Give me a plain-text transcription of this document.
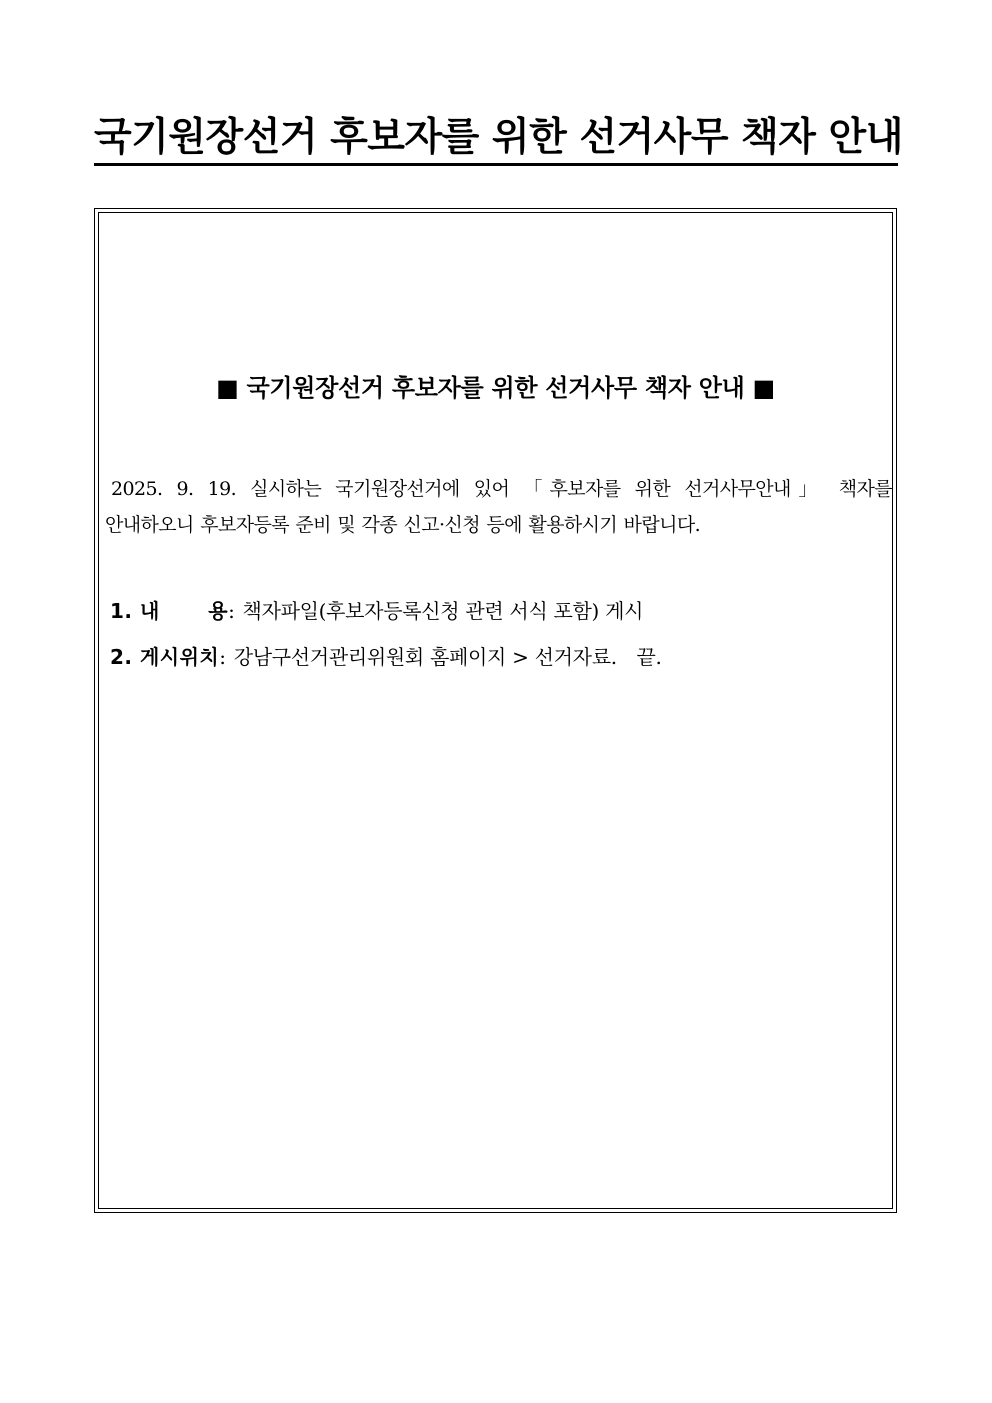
국기원장선거 후보자를 위한 선거사무 책자 안내
■ 국기원장선거 후보자를 위한 선거사무 책자 안내 ■
2025. 9. 19. 실시하는 국기원장선거에 있어 「후보자를 위한 선거사무안내」 책자를
안내하오니 후보자등록 준비 및 각종 신고·신청 등에 활용하시기 바랍니다.
1. 내　　 용: 책자파일(후보자등록신청 관련 서식 포함) 게시
2. 게시위치: 강남구선거관리위원회 홈페이지 > 선거자료.　끝.
